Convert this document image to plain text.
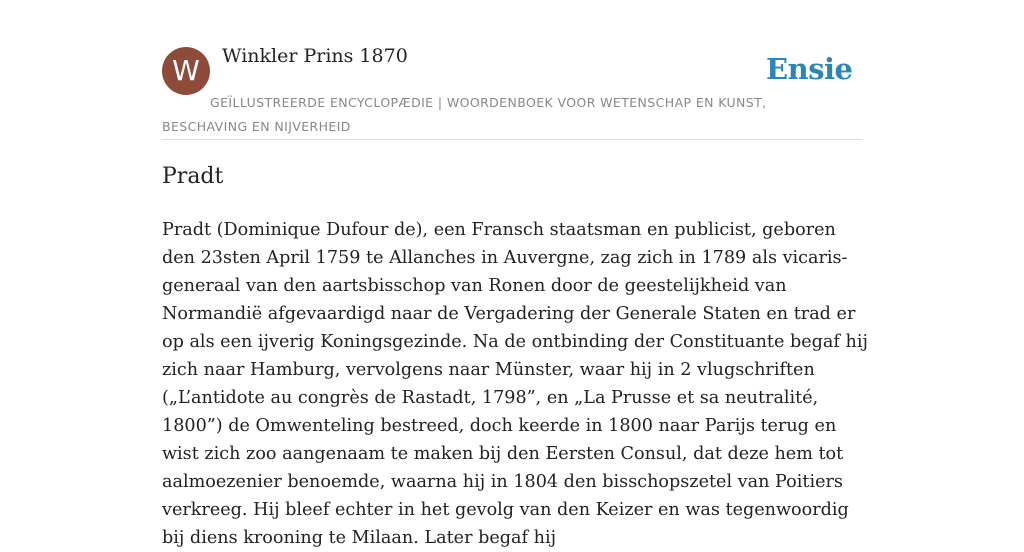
W	Winkler Prins 1870	Ensie
GEÏLLUSTREERDE ENCYCLOPÆDIE | WOORDENBOEK VOOR WETENSCHAP EN KUNST, BESCHAVING EN NIJVERHEID
Pradt

Pradt (Dominique Dufour de), een Fransch staatsman en publicist, geboren den 23sten April 1759 te Allanches in Auvergne, zag zich in 1789 als vicaris-generaal van den aartsbisschop van Ronen door de geestelijkheid van Normandië afgevaardigd naar de Vergadering der Generale Staten en trad er op als een ijverig Koningsgezinde. Na de ontbinding der Constituante begaf hij zich naar Hamburg, vervolgens naar Münster, waar hij in 2 vlugschriften („L’antidote au congrès de Rastadt, 1798”, en „La Prusse et sa neutralité, 1800”) de Omwenteling bestreed, doch keerde in 1800 naar Parijs terug en wist zich zoo aangenaam te maken bij den Eersten Consul, dat deze hem tot aalmoezenier benoemde, waarna hij in 1804 den bisschopszetel van Poitiers verkreeg. Hij bleef echter in het gevolg van den Keizer en was tegenwoordig bij diens krooning te Milaan. Later begaf hij
